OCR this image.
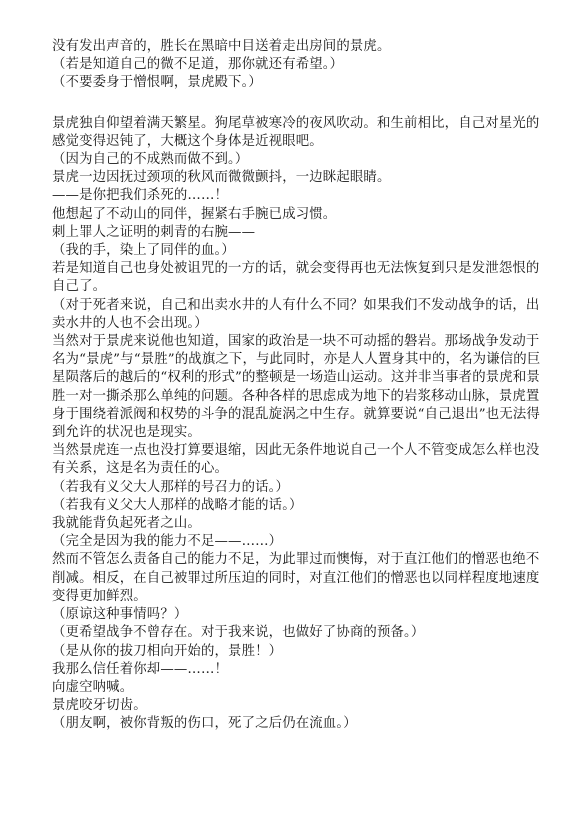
没有发出声音的，胜长在黑暗中目送着走出房间的景虎。

（若是知道自己的微不足道，那你就还有希望。）

（不要委身于憎恨啊，景虎殿下。）

景虎独自仰望着满天繁星。狗尾草被寒冷的夜风吹动。和生前相比，自己对星光的感觉变得迟钝了，大概这个身体是近视眼吧。

（因为自己的不成熟而做不到。）

景虎一边因抚过颈项的秋风而微微颤抖，一边眯起眼睛。

——是你把我们杀死的……！

他想起了不动山的同伴，握紧右手腕已成习惯。

刺上罪人之证明的刺青的右腕——

（我的手，染上了同伴的血。）

若是知道自己也身处被诅咒的一方的话，就会变得再也无法恢复到只是发泄怨恨的自己了。

（对于死者来说，自己和出卖水井的人有什么不同？如果我们不发动战争的话，出卖水井的人也不会出现。）

当然对于景虎来说他也知道，国家的政治是一块不可动摇的磐岩。那场战争发动于名为“景虎”与“景胜”的战旗之下，与此同时，亦是人人置身其中的，名为谦信的巨星陨落后的越后的“权利的形式”的整顿是一场造山运动。这并非当事者的景虎和景胜一对一撕杀那么单纯的问题。各种各样的思虑成为地下的岩浆移动山脉，景虎置身于围绕着派阀和权势的斗争的混乱旋涡之中生存。就算要说“自己退出”也无法得到允许的状况也是现实。

当然景虎连一点也没打算要退缩，因此无条件地说自己一个人不管变成怎么样也没有关系，这是名为责任的心。

（若我有义父大人那样的号召力的话。）

（若我有义父大人那样的战略才能的话。）

我就能背负起死者之山。

（完全是因为我的能力不足——……）

然而不管怎么责备自己的能力不足，为此罪过而懊悔，对于直江他们的憎恶也绝不削减。相反，在自己被罪过所压迫的同时，对直江他们的憎恶也以同样程度地速度变得更加鲜烈。

（原谅这种事情吗？）

（更希望战争不曾存在。对于我来说，也做好了协商的预备。）

（是从你的拔刀相向开始的，景胜！）

我那么信任着你却——……！

向虚空呐喊。

景虎咬牙切齿。

（朋友啊，被你背叛的伤口，死了之后仍在流血。）
